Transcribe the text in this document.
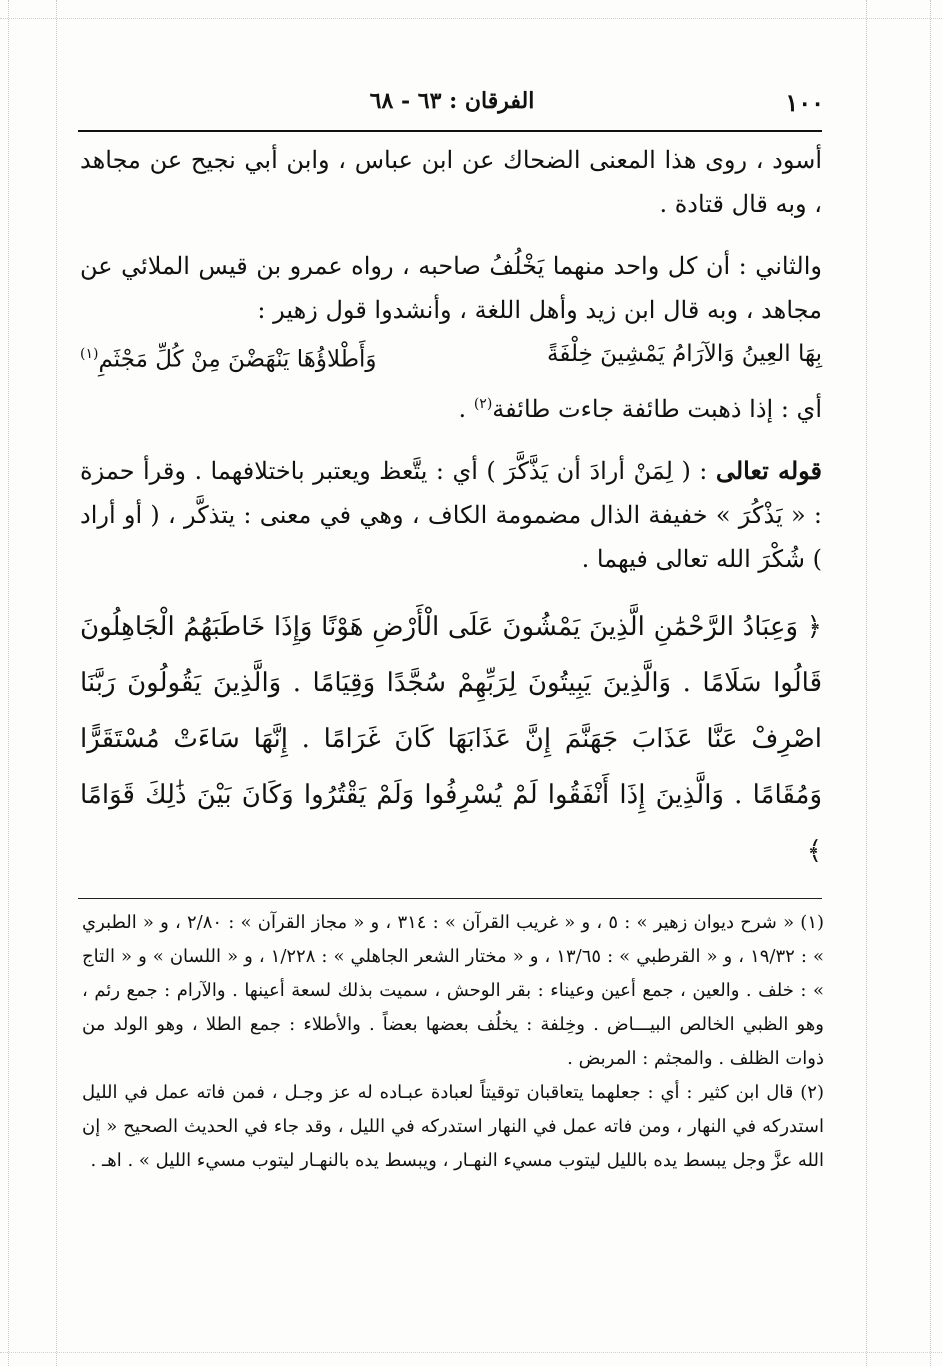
١٠٠
الفرقان : ٦٣ - ٦٨

أسود ، روى هذا المعنى الضحاك عن ابن عباس ، وابن أبي نجيح عن مجاهد ، وبه قال قتادة .

والثاني : أن كل واحد منهما يَخْلُفُ صاحبه ، رواه عمرو بن قيس الملائي عن مجاهد ، وبه قال ابن زيد وأهل اللغة ، وأنشدوا قول زهير :

بِهَا العِينُ وَالآرَامُ يَمْشِينَ خِلْفَةً
وَأَطْلاؤُهَا يَنْهَضْنَ مِنْ كُلِّ مَجْثَمِ$^{(١)}$

أي : إذا ذهبت طائفة جاءت طائفة$^{(٢)}$ .

قوله تعالى : ( لِمَنْ أرادَ أن يَذَّكَّرَ ) أي : يتَّعظ ويعتبر باختلافهما . وقرأ حمزة : « يَذْكُرَ » خفيفة الذال مضمومة الكاف ، وهي في معنى : يتذكَّر ، ( أو أراد ) شُكْرَ الله تعالى فيهما .

﴿ وَعِبَادُ الرَّحْمَٰنِ الَّذِينَ يَمْشُونَ عَلَى الْأَرْضِ هَوْنًا وَإِذَا خَاطَبَهُمُ الْجَاهِلُونَ قَالُوا سَلَامًا . وَالَّذِينَ يَبِيتُونَ لِرَبِّهِمْ سُجَّدًا وَقِيَامًا . وَالَّذِينَ يَقُولُونَ رَبَّنَا اصْرِفْ عَنَّا عَذَابَ جَهَنَّمَ إِنَّ عَذَابَهَا كَانَ غَرَامًا . إِنَّهَا سَاءَتْ مُسْتَقَرًّا وَمُقَامًا . وَالَّذِينَ إِذَا أَنْفَقُوا لَمْ يُسْرِفُوا وَلَمْ يَقْتُرُوا وَكَانَ بَيْنَ ذَٰلِكَ قَوَامًا ﴾

(١) « شرح ديوان زهير » : ٥ ، و « غريب القرآن » : ٣١٤ ، و « مجاز القرآن » : ٢/٨٠ ، و « الطبري » : ١٩/٣٢ ، و « القرطبي » : ١٣/٦٥ ، و « مختار الشعر الجاهلي » : ١/٢٢٨ ، و « اللسان » و « التاج » : خلف . والعين ، جمع أعين وعيناء : بقر الوحش ، سميت بذلك لسعة أعينها . والآرام : جمع رئم ، وهو الظبي الخالص البيـــاض . وخِلفة : يخلُف بعضها بعضاً . والأطلاء : جمع الطلا ، وهو الولد من ذوات الظلف . والمجثم : المربض .

(٢) قال ابن كثير : أي : جعلهما يتعاقبان توقيتاً لعبادة عبـاده له عز وجـل ، فمن فاته عمل في الليل استدركه في النهار ، ومن فاته عمل في النهار استدركه في الليل ، وقد جاء في الحديث الصحيح « إن الله عزَّ وجل يبسط يده بالليل ليتوب مسيء النهـار ، ويبسط يده بالنهـار ليتوب مسيء الليل » . اهـ .
